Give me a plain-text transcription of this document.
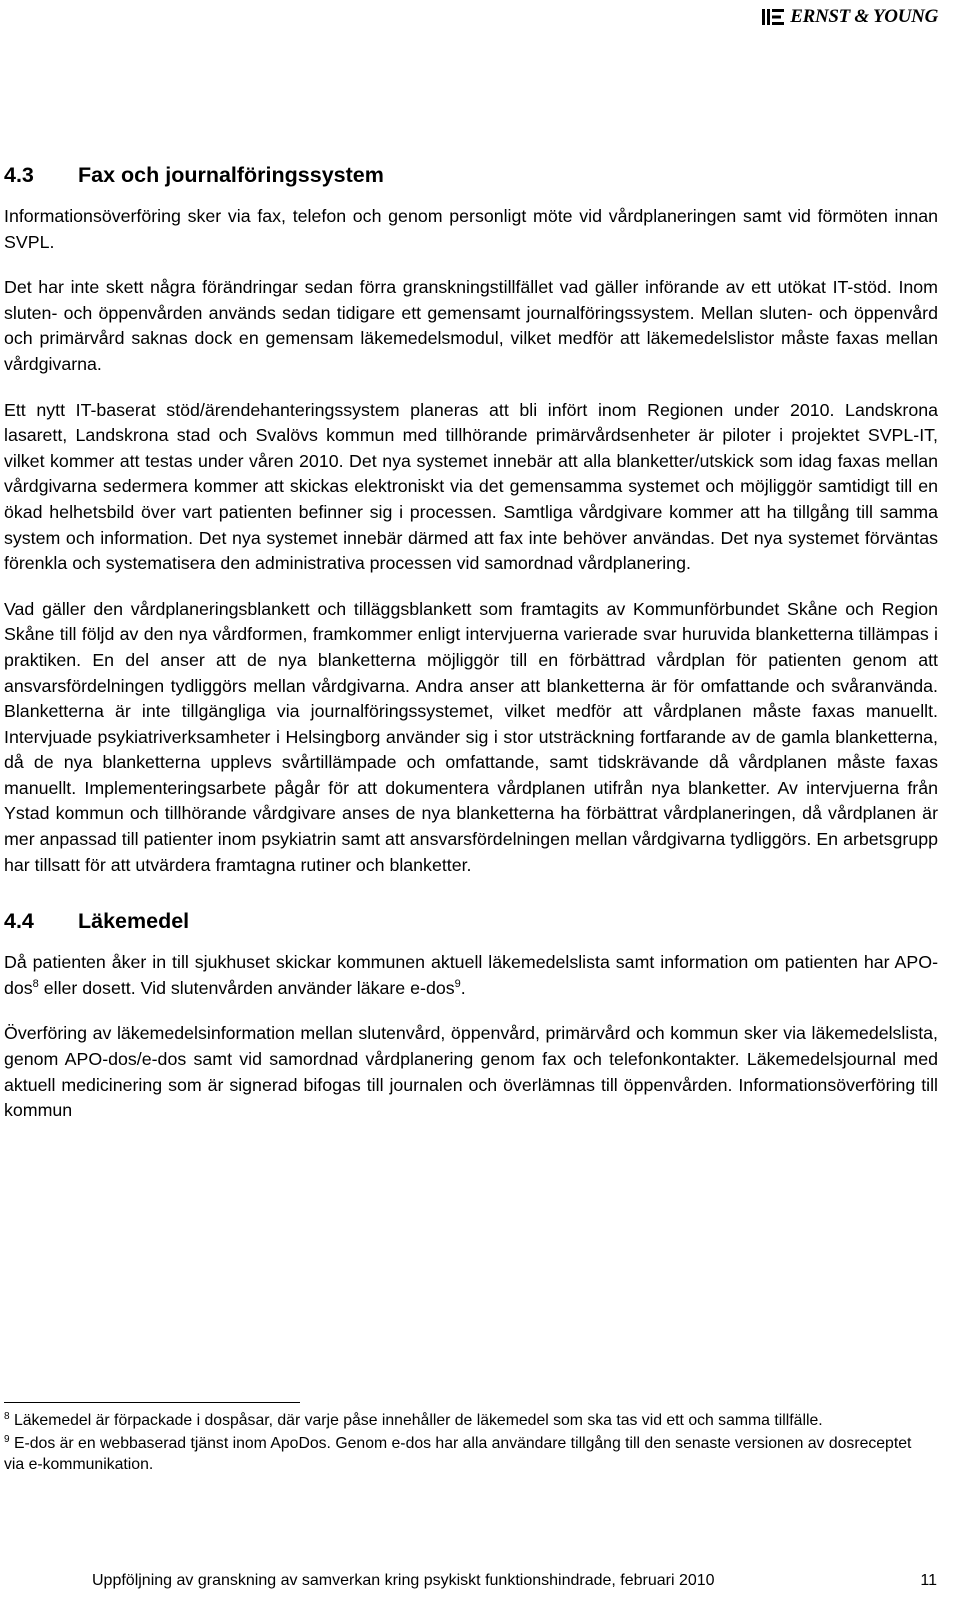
ERNST & YOUNG
4.3 Fax och journalföringssystem

Informationsöverföring sker via fax, telefon och genom personligt möte vid vårdplaneringen samt vid förmöten innan SVPL.

Det har inte skett några förändringar sedan förra granskningstillfället vad gäller införande av ett utökat IT-stöd. Inom sluten- och öppenvården används sedan tidigare ett gemensamt journalföringssystem. Mellan sluten- och öppenvård och primärvård saknas dock en gemensam läkemedelsmodul, vilket medför att läkemedelslistor måste faxas mellan vårdgivarna.

Ett nytt IT-baserat stöd/ärendehanteringssystem planeras att bli infört inom Regionen under 2010. Landskrona lasarett, Landskrona stad och Svalövs kommun med tillhörande primärvårdsenheter är piloter i projektet SVPL-IT, vilket kommer att testas under våren 2010. Det nya systemet innebär att alla blanketter/utskick som idag faxas mellan vårdgivarna sedermera kommer att skickas elektroniskt via det gemensamma systemet och möjliggör samtidigt till en ökad helhetsbild över vart patienten befinner sig i processen. Samtliga vårdgivare kommer att ha tillgång till samma system och information. Det nya systemet innebär därmed att fax inte behöver användas. Det nya systemet förväntas förenkla och systematisera den administrativa processen vid samordnad vårdplanering.

Vad gäller den vårdplaneringsblankett och tilläggsblankett som framtagits av Kommunförbundet Skåne och Region Skåne till följd av den nya vårdformen, framkommer enligt intervjuerna varierade svar huruvida blanketterna tillämpas i praktiken. En del anser att de nya blanketterna möjliggör till en förbättrad vårdplan för patienten genom att ansvarsfördelningen tydliggörs mellan vårdgivarna. Andra anser att blanketterna är för omfattande och svåranvända. Blanketterna är inte tillgängliga via journalföringssystemet, vilket medför att vårdplanen måste faxas manuellt. Intervjuade psykiatriverksamheter i Helsingborg använder sig i stor utsträckning fortfarande av de gamla blanketterna, då de nya blanketterna upplevs svårtillämpade och omfattande, samt tidskrävande då vårdplanen måste faxas manuellt. Implementeringsarbete pågår för att dokumentera vårdplanen utifrån nya blanketter. Av intervjuerna från Ystad kommun och tillhörande vårdgivare anses de nya blanketterna ha förbättrat vårdplaneringen, då vårdplanen är mer anpassad till patienter inom psykiatrin samt att ansvarsfördelningen mellan vårdgivarna tydliggörs. En arbetsgrupp har tillsatt för att utvärdera framtagna rutiner och blanketter.

4.4 Läkemedel

Då patienten åker in till sjukhuset skickar kommunen aktuell läkemedelslista samt information om patienten har APO-dos$^8$ eller dosett. Vid slutenvården använder läkare e-dos$^9$.

Överföring av läkemedelsinformation mellan slutenvård, öppenvård, primärvård och kommun sker via läkemedelslista, genom APO-dos/e-dos samt vid samordnad vårdplanering genom fax och telefonkontakter. Läkemedelsjournal med aktuell medicinering som är signerad bifogas till journalen och överlämnas till öppenvården. Informationsöverföring till kommun

$^8$ Läkemedel är förpackade i dospåsar, där varje påse innehåller de läkemedel som ska tas vid ett och samma tillfälle.
$^9$ E-dos är en webbaserad tjänst inom ApoDos. Genom e-dos har alla användare tillgång till den senaste versionen av dosreceptet via e-kommunikation.
Uppföljning av granskning av samverkan kring psykiskt funktionshindrade, februari 2010	11
